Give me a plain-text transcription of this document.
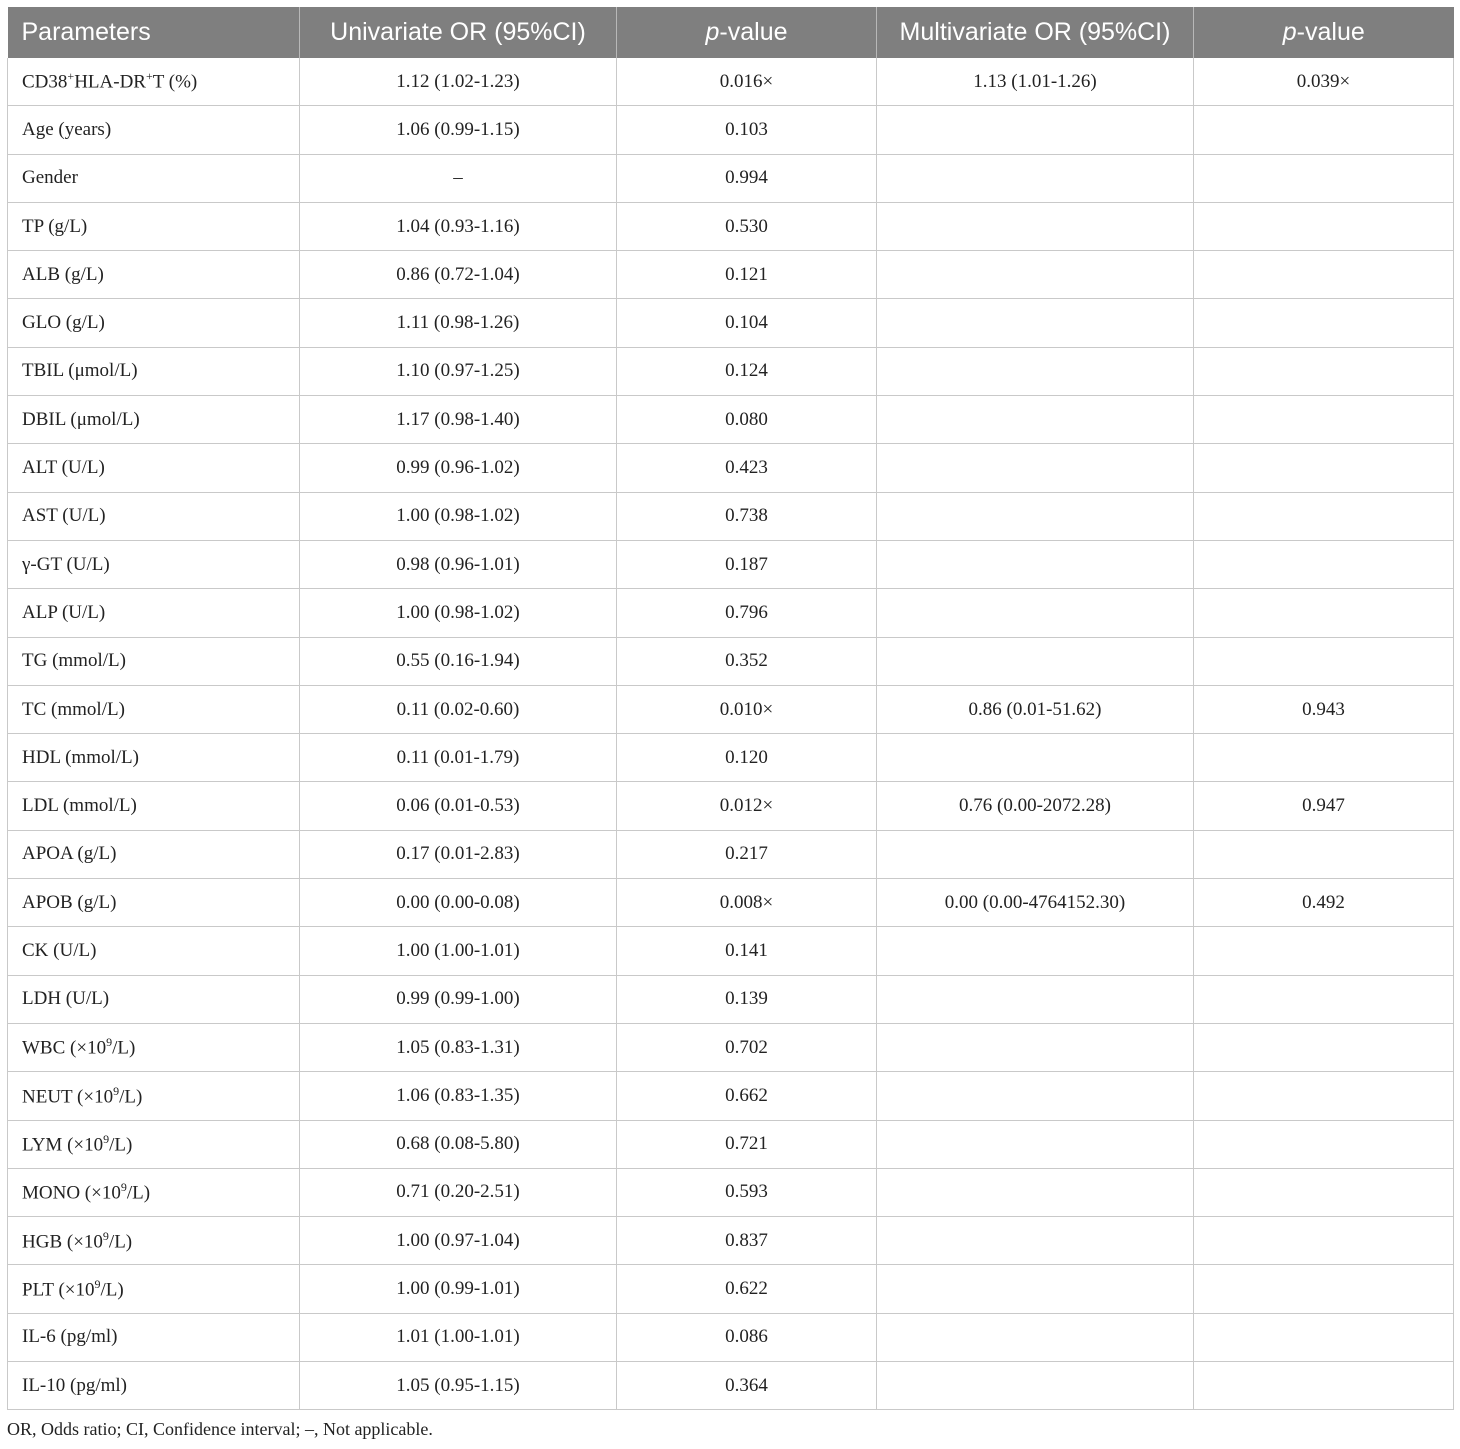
Parameters	Univariate OR (95%CI)	p-value	Multivariate OR (95%CI)	p-value
CD38+HLA-DR+T (%)	1.12 (1.02-1.23)	0.016×	1.13 (1.01-1.26)	0.039×
Age (years)	1.06 (0.99-1.15)	0.103		
Gender	–	0.994		
TP (g/L)	1.04 (0.93-1.16)	0.530		
ALB (g/L)	0.86 (0.72-1.04)	0.121		
GLO (g/L)	1.11 (0.98-1.26)	0.104		
TBIL (μmol/L)	1.10 (0.97-1.25)	0.124		
DBIL (μmol/L)	1.17 (0.98-1.40)	0.080		
ALT (U/L)	0.99 (0.96-1.02)	0.423		
AST (U/L)	1.00 (0.98-1.02)	0.738		
γ-GT (U/L)	0.98 (0.96-1.01)	0.187		
ALP (U/L)	1.00 (0.98-1.02)	0.796		
TG (mmol/L)	0.55 (0.16-1.94)	0.352		
TC (mmol/L)	0.11 (0.02-0.60)	0.010×	0.86 (0.01-51.62)	0.943
HDL (mmol/L)	0.11 (0.01-1.79)	0.120		
LDL (mmol/L)	0.06 (0.01-0.53)	0.012×	0.76 (0.00-2072.28)	0.947
APOA (g/L)	0.17 (0.01-2.83)	0.217		
APOB (g/L)	0.00 (0.00-0.08)	0.008×	0.00 (0.00-4764152.30)	0.492
CK (U/L)	1.00 (1.00-1.01)	0.141		
LDH (U/L)	0.99 (0.99-1.00)	0.139		
WBC $(\times 10^9/L)$	1.05 (0.83-1.31)	0.702		
NEUT $(\times 10^9/L)$	1.06 (0.83-1.35)	0.662		
LYM $(\times 10^9/L)$	0.68 (0.08-5.80)	0.721		
MONO $(\times 10^9/L)$	0.71 (0.20-2.51)	0.593		
HGB $(\times 10^9/L)$	1.00 (0.97-1.04)	0.837		
PLT $(\times 10^9/L)$	1.00 (0.99-1.01)	0.622		
IL-6 (pg/ml)	1.01 (1.00-1.01)	0.086		
IL-10 (pg/ml)	1.05 (0.95-1.15)	0.364		
OR, Odds ratio; CI, Confidence interval; –, Not applicable.
